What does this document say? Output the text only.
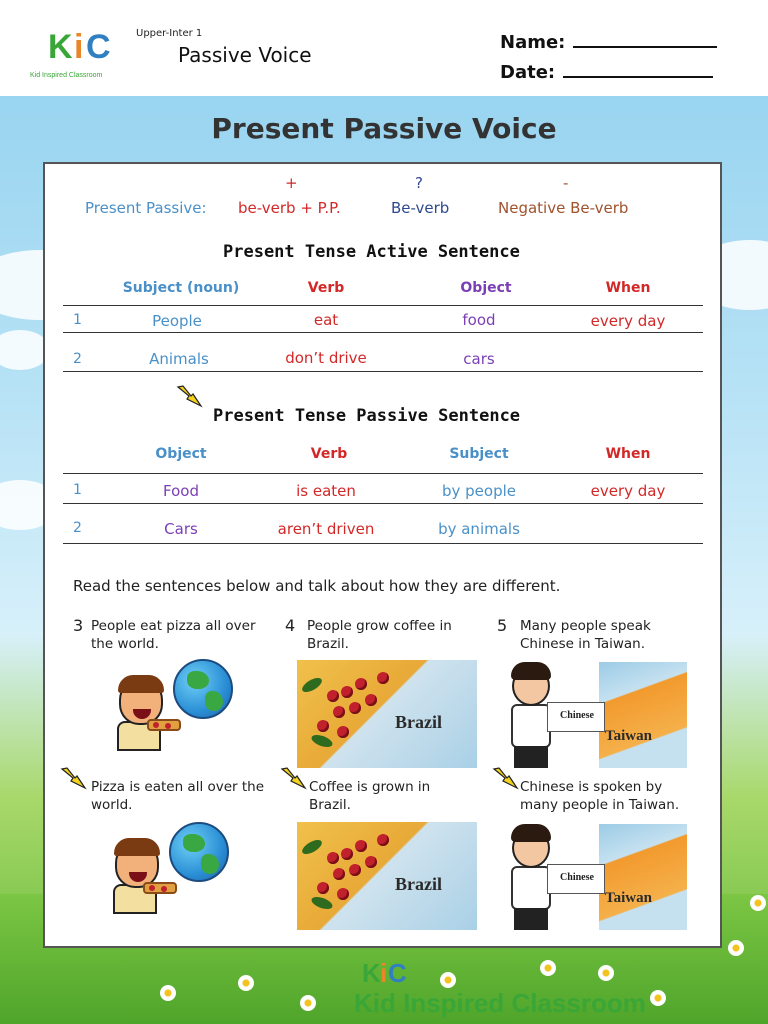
K i C
Kid Inspired Classroom
Upper-Inter 1
Passive Voice
Name:
Date:
Present Passive Voice
+	?	-
Present Passive: be-verb + P.P.	Be-verb	Negative Be-verb
Present Tense Active Sentence
Subject (noun)	Verb	Object	When
1	People	eat	food	every day
2	Animals	don’t drive	cars
Present Tense Passive Sentence
Object	Verb	Subject	When
1	Food	is eaten	by people	every day
2	Cars	aren’t driven	by animals
Read the sentences below and talk about how they are different.
3 People eat pizza all over the world.
Pizza is eaten all over the world.
4 People grow coffee in Brazil.
Brazil
Coffee is grown in Brazil.
Brazil
5 Many people speak Chinese in Taiwan.
Taiwan
Chinese
Chinese is spoken by many people in Taiwan.
Taiwan
Chinese
K i C
Kid Inspired Classroom
